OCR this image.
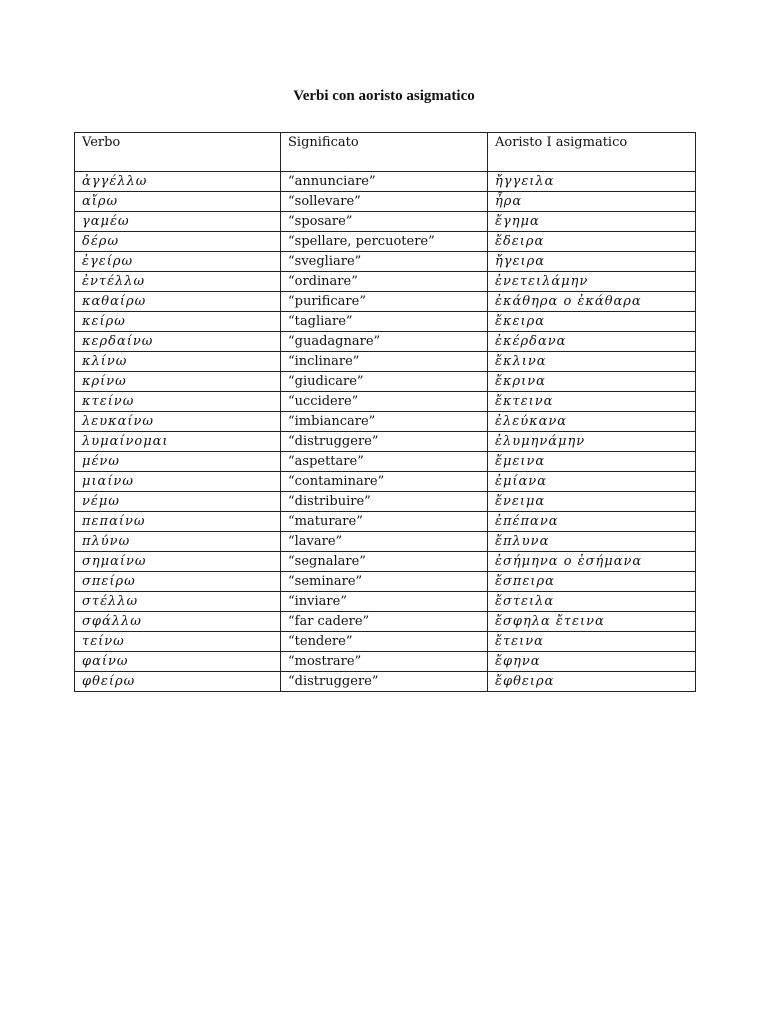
Verbi con aoristo asigmatico
Verbo	Significato	Aoristo I asigmatico
ἀγγέλλω	“annunciare”	ἤγγειλα
αἴρω	“sollevare”	ἦρα
γαμέω	“sposare”	ἔγημα
δέρω	“spellare, percuotere”	ἔδειρα
ἐγείρω	“svegliare”	ἤγειρα
ἐντέλλω	“ordinare”	ἐνετειλάμην
καθαίρω	“purificare”	ἐκάθηρα o ἐκάθαρα
κείρω	“tagliare”	ἔκειρα
κερδαίνω	“guadagnare”	ἐκέρδανα
κλίνω	“inclinare”	ἔκλινα
κρίνω	“giudicare”	ἔκρινα
κτείνω	“uccidere”	ἔκτεινα
λευκαίνω	“imbiancare”	ἐλεύκανα
λυμαίνομαι	“distruggere”	ἐλυμηνάμην
μένω	“aspettare”	ἔμεινα
μιαίνω	“contaminare”	ἐμίανα
νέμω	“distribuire”	ἔνειμα
πεπαίνω	“maturare”	ἐπέπανα
πλύνω	“lavare”	ἔπλυνα
σημαίνω	“segnalare”	ἐσήμηνα o ἐσήμανα
σπείρω	“seminare”	ἔσπειρα
στέλλω	“inviare”	ἔστειλα
σφάλλω	“far cadere”	ἔσφηλα ἔτεινα
τείνω	“tendere”	ἔτεινα
φαίνω	“mostrare”	ἔφηνα
φθείρω	“distruggere”	ἔφθειρα
